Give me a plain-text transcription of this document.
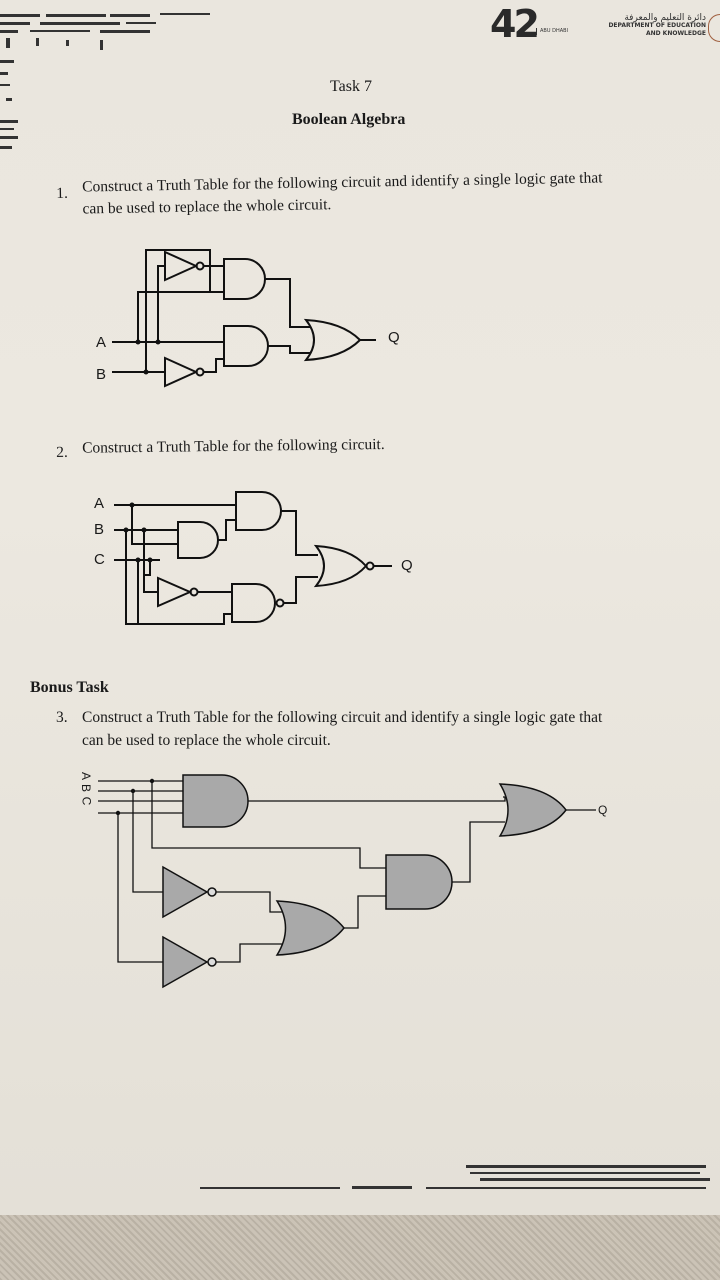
42 ABU DHABI
دائرة التعليم والمعرفة
DEPARTMENT OF EDUCATION
AND KNOWLEDGE
Task 7
Boolean Algebra
1. Construct a Truth Table for the following circuit and identify a single logic gate that
can be used to replace the whole circuit.
A
B
Q
2. Construct a Truth Table for the following circuit.
A
B
C	Q
Bonus Task
3. Construct a Truth Table for the following circuit and identify a single logic gate that
can be used to replace the whole circuit.
A
B
C
Q
